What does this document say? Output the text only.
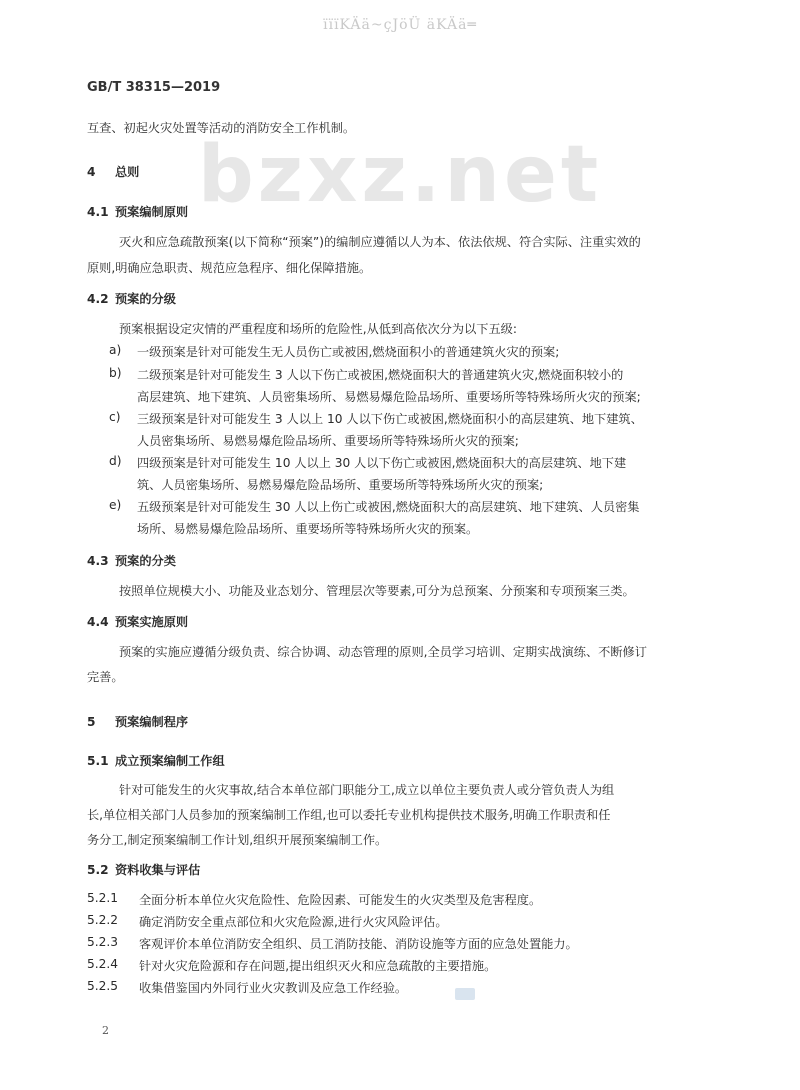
ïïïKÄä~çJöÜ äKÄä═
GB/T 38315—2019
bzxz.net
互查、初起火灾处置等活动的消防安全工作机制。
4 总则
4.1 预案编制原则
灭火和应急疏散预案(以下简称“预案”)的编制应遵循以人为本、依法依规、符合实际、注重实效的
原则,明确应急职责、规范应急程序、细化保障措施。
4.2 预案的分级
预案根据设定灾情的严重程度和场所的危险性,从低到高依次分为以下五级:
a) 一级预案是针对可能发生无人员伤亡或被困,燃烧面积小的普通建筑火灾的预案;
b) 二级预案是针对可能发生 3 人以下伤亡或被困,燃烧面积大的普通建筑火灾,燃烧面积较小的
高层建筑、地下建筑、人员密集场所、易燃易爆危险品场所、重要场所等特殊场所火灾的预案;
c) 三级预案是针对可能发生 3 人以上 10 人以下伤亡或被困,燃烧面积小的高层建筑、地下建筑、
人员密集场所、易燃易爆危险品场所、重要场所等特殊场所火灾的预案;
d) 四级预案是针对可能发生 10 人以上 30 人以下伤亡或被困,燃烧面积大的高层建筑、地下建
筑、人员密集场所、易燃易爆危险品场所、重要场所等特殊场所火灾的预案;
e) 五级预案是针对可能发生 30 人以上伤亡或被困,燃烧面积大的高层建筑、地下建筑、人员密集
场所、易燃易爆危险品场所、重要场所等特殊场所火灾的预案。
4.3 预案的分类
按照单位规模大小、功能及业态划分、管理层次等要素,可分为总预案、分预案和专项预案三类。
4.4 预案实施原则
预案的实施应遵循分级负责、综合协调、动态管理的原则,全员学习培训、定期实战演练、不断修订
完善。
5 预案编制程序
5.1 成立预案编制工作组
针对可能发生的火灾事故,结合本单位部门职能分工,成立以单位主要负责人或分管负责人为组
长,单位相关部门人员参加的预案编制工作组,也可以委托专业机构提供技术服务,明确工作职责和任
务分工,制定预案编制工作计划,组织开展预案编制工作。
5.2 资料收集与评估
5.2.1 全面分析本单位火灾危险性、危险因素、可能发生的火灾类型及危害程度。
5.2.2 确定消防安全重点部位和火灾危险源,进行火灾风险评估。
5.2.3 客观评价本单位消防安全组织、员工消防技能、消防设施等方面的应急处置能力。
5.2.4 针对火灾危险源和存在问题,提出组织灭火和应急疏散的主要措施。
5.2.5 收集借鉴国内外同行业火灾教训及应急工作经验。
2
